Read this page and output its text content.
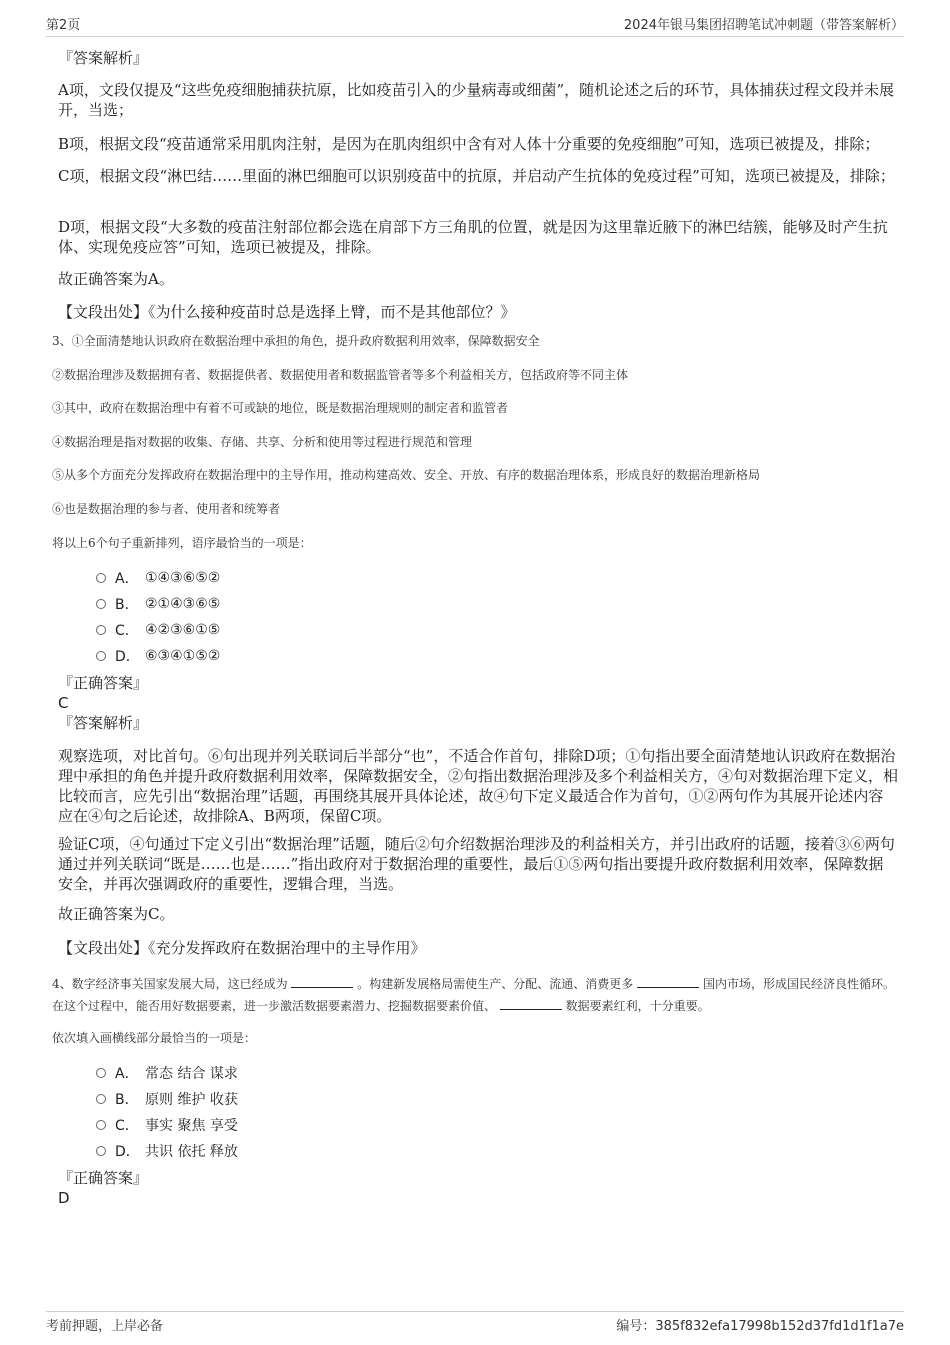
第2页	2024年银马集团招聘笔试冲刺题（带答案解析）
『答案解析』
A项，文段仅提及“这些免疫细胞捕获抗原，比如疫苗引入的少量病毒或细菌”，随机论述之后的环节，具体捕获过程文段并未展开，当选；
B项，根据文段“疫苗通常采用肌肉注射，是因为在肌肉组织中含有对人体十分重要的免疫细胞”可知，选项已被提及，排除；
C项，根据文段“淋巴结……里面的淋巴细胞可以识别疫苗中的抗原，并启动产生抗体的免疫过程”可知，选项已被提及，排除；
D项，根据文段“大多数的疫苗注射部位都会选在肩部下方三角肌的位置，就是因为这里靠近腋下的淋巴结簇，能够及时产生抗体、实现免疫应答”可知，选项已被提及，排除。
故正确答案为A。
【文段出处】《为什么接种疫苗时总是选择上臂，而不是其他部位？》
3、①全面清楚地认识政府在数据治理中承担的角色，提升政府数据利用效率，保障数据安全
②数据治理涉及数据拥有者、数据提供者、数据使用者和数据监管者等多个利益相关方，包括政府等不同主体
③其中，政府在数据治理中有着不可或缺的地位，既是数据治理规则的制定者和监管者
④数据治理是指对数据的收集、存储、共享、分析和使用等过程进行规范和管理
⑤从多个方面充分发挥政府在数据治理中的主导作用，推动构建高效、安全、开放、有序的数据治理体系，形成良好的数据治理新格局
⑥也是数据治理的参与者、使用者和统筹者
将以上6个句子重新排列，语序最恰当的一项是：
A． ①④③⑥⑤②
B． ②①④③⑥⑤
C． ④②③⑥①⑤
D． ⑥③④①⑤②
『正确答案』
C
『答案解析』
观察选项，对比首句。⑥句出现并列关联词后半部分“也”，不适合作首句，排除D项；①句指出要全面清楚地认识政府在数据治理中承担的角色并提升政府数据利用效率，保障数据安全，②句指出数据治理涉及多个利益相关方，④句对数据治理下定义，相比较而言，应先引出“数据治理”话题，再围绕其展开具体论述，故④句下定义最适合作为首句，①②两句作为其展开论述内容应在④句之后论述，故排除A、B两项，保留C项。
验证C项，④句通过下定义引出“数据治理”话题，随后②句介绍数据治理涉及的利益相关方，并引出政府的话题，接着③⑥两句通过并列关联词“既是……也是……”指出政府对于数据治理的重要性，最后①⑤两句指出要提升政府数据利用效率，保障数据安全，并再次强调政府的重要性，逻辑合理，当选。
故正确答案为C。
【文段出处】《充分发挥政府在数据治理中的主导作用》
4、数字经济事关国家发展大局，这已经成为	。构建新发展格局需使生产、分配、流通、消费更多	国内市场，形成国民经济良性循环。在这个过程中，能否用好数据要素，进一步激活数据要素潜力、挖掘数据要素价值、	数据要素红利，十分重要。
依次填入画横线部分最恰当的一项是：
A． 常态 结合 谋求
B． 原则 维护 收获
C． 事实 聚焦 享受
D． 共识 依托 释放
『正确答案』
D
考前押题，上岸必备	编号：385f832efa17998b152d37fd1d1f1a7e
